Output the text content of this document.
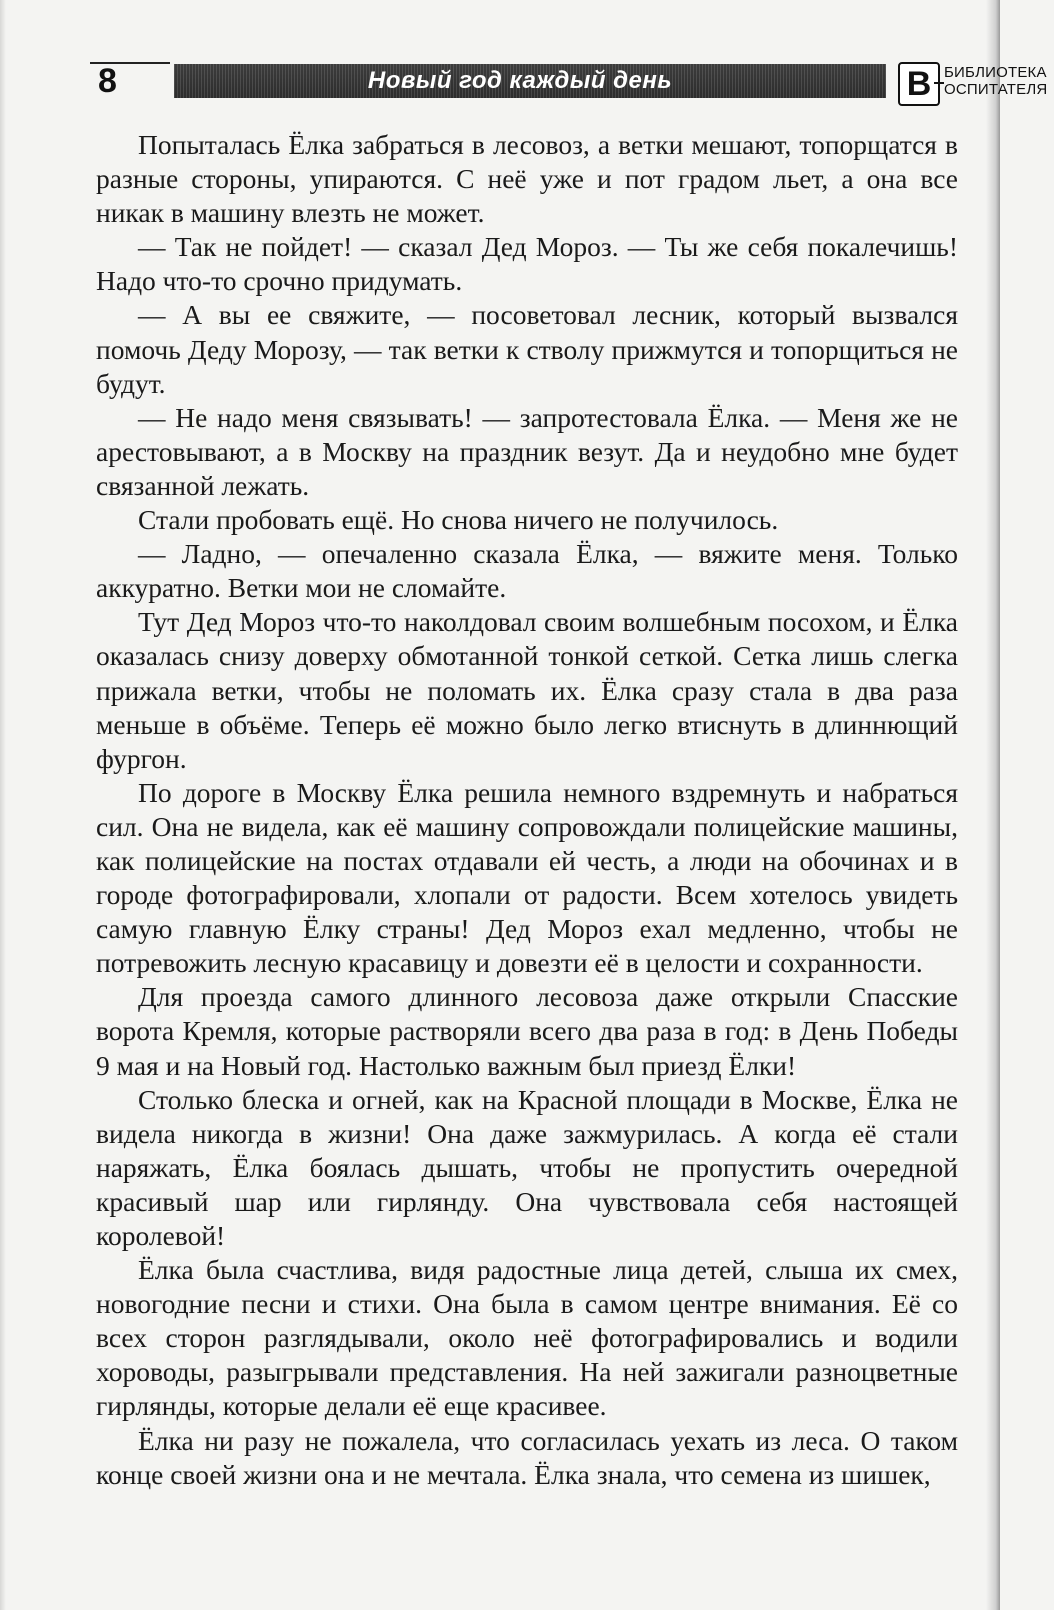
8	Новый год каждый день	В БИБЛИОТЕКА
ОСПИТАТЕЛЯ

Попыталась Ёлка забраться в лесовоз, а ветки мешают, топорщатся в разные стороны, упираются. С неё уже и пот градом льет, а она все никак в машину влезть не может.

— Так не пойдет! — сказал Дед Мороз. — Ты же себя покалечишь! Надо что-то срочно придумать.

— А вы ее свяжите, — посоветовал лесник, который вызвался помочь Деду Морозу, — так ветки к стволу прижмутся и топорщиться не будут.

— Не надо меня связывать! — запротестовала Ёлка. — Меня же не арестовывают, а в Москву на праздник везут. Да и неудобно мне будет связанной лежать.

Стали пробовать ещё. Но снова ничего не получилось.

— Ладно, — опечаленно сказала Ёлка, — вяжите меня. Только аккуратно. Ветки мои не сломайте.

Тут Дед Мороз что-то наколдовал своим волшебным посохом, и Ёлка оказалась снизу доверху обмотанной тонкой сеткой. Сетка лишь слегка прижала ветки, чтобы не поломать их. Ёлка сразу стала в два раза меньше в объёме. Теперь её можно было легко втиснуть в длиннющий фургон.

По дороге в Москву Ёлка решила немного вздремнуть и набраться сил. Она не видела, как её машину сопровождали полицейские машины, как полицейские на постах отдавали ей честь, а люди на обочинах и в городе фотографировали, хлопали от радости. Всем хотелось увидеть самую главную Ёлку страны! Дед Мороз ехал медленно, чтобы не потревожить лесную красавицу и довезти её в целости и сохранности.

Для проезда самого длинного лесовоза даже открыли Спасские ворота Кремля, которые растворяли всего два раза в год: в День Победы 9 мая и на Новый год. Настолько важным был приезд Ёлки!

Столько блеска и огней, как на Красной площади в Москве, Ёлка не видела никогда в жизни! Она даже зажмурилась. А когда её стали наряжать, Ёлка боялась дышать, чтобы не пропустить очередной красивый шар или гирлянду. Она чувствовала себя настоящей королевой!

Ёлка была счастлива, видя радостные лица детей, слыша их смех, новогодние песни и стихи. Она была в самом центре внимания. Её со всех сторон разглядывали, около неё фотографировались и водили хороводы, разыгрывали представления. На ней зажигали разноцветные гирлянды, которые делали её еще красивее.

Ёлка ни разу не пожалела, что согласилась уехать из леса. О таком конце своей жизни она и не мечтала. Ёлка знала, что семена из шишек,
